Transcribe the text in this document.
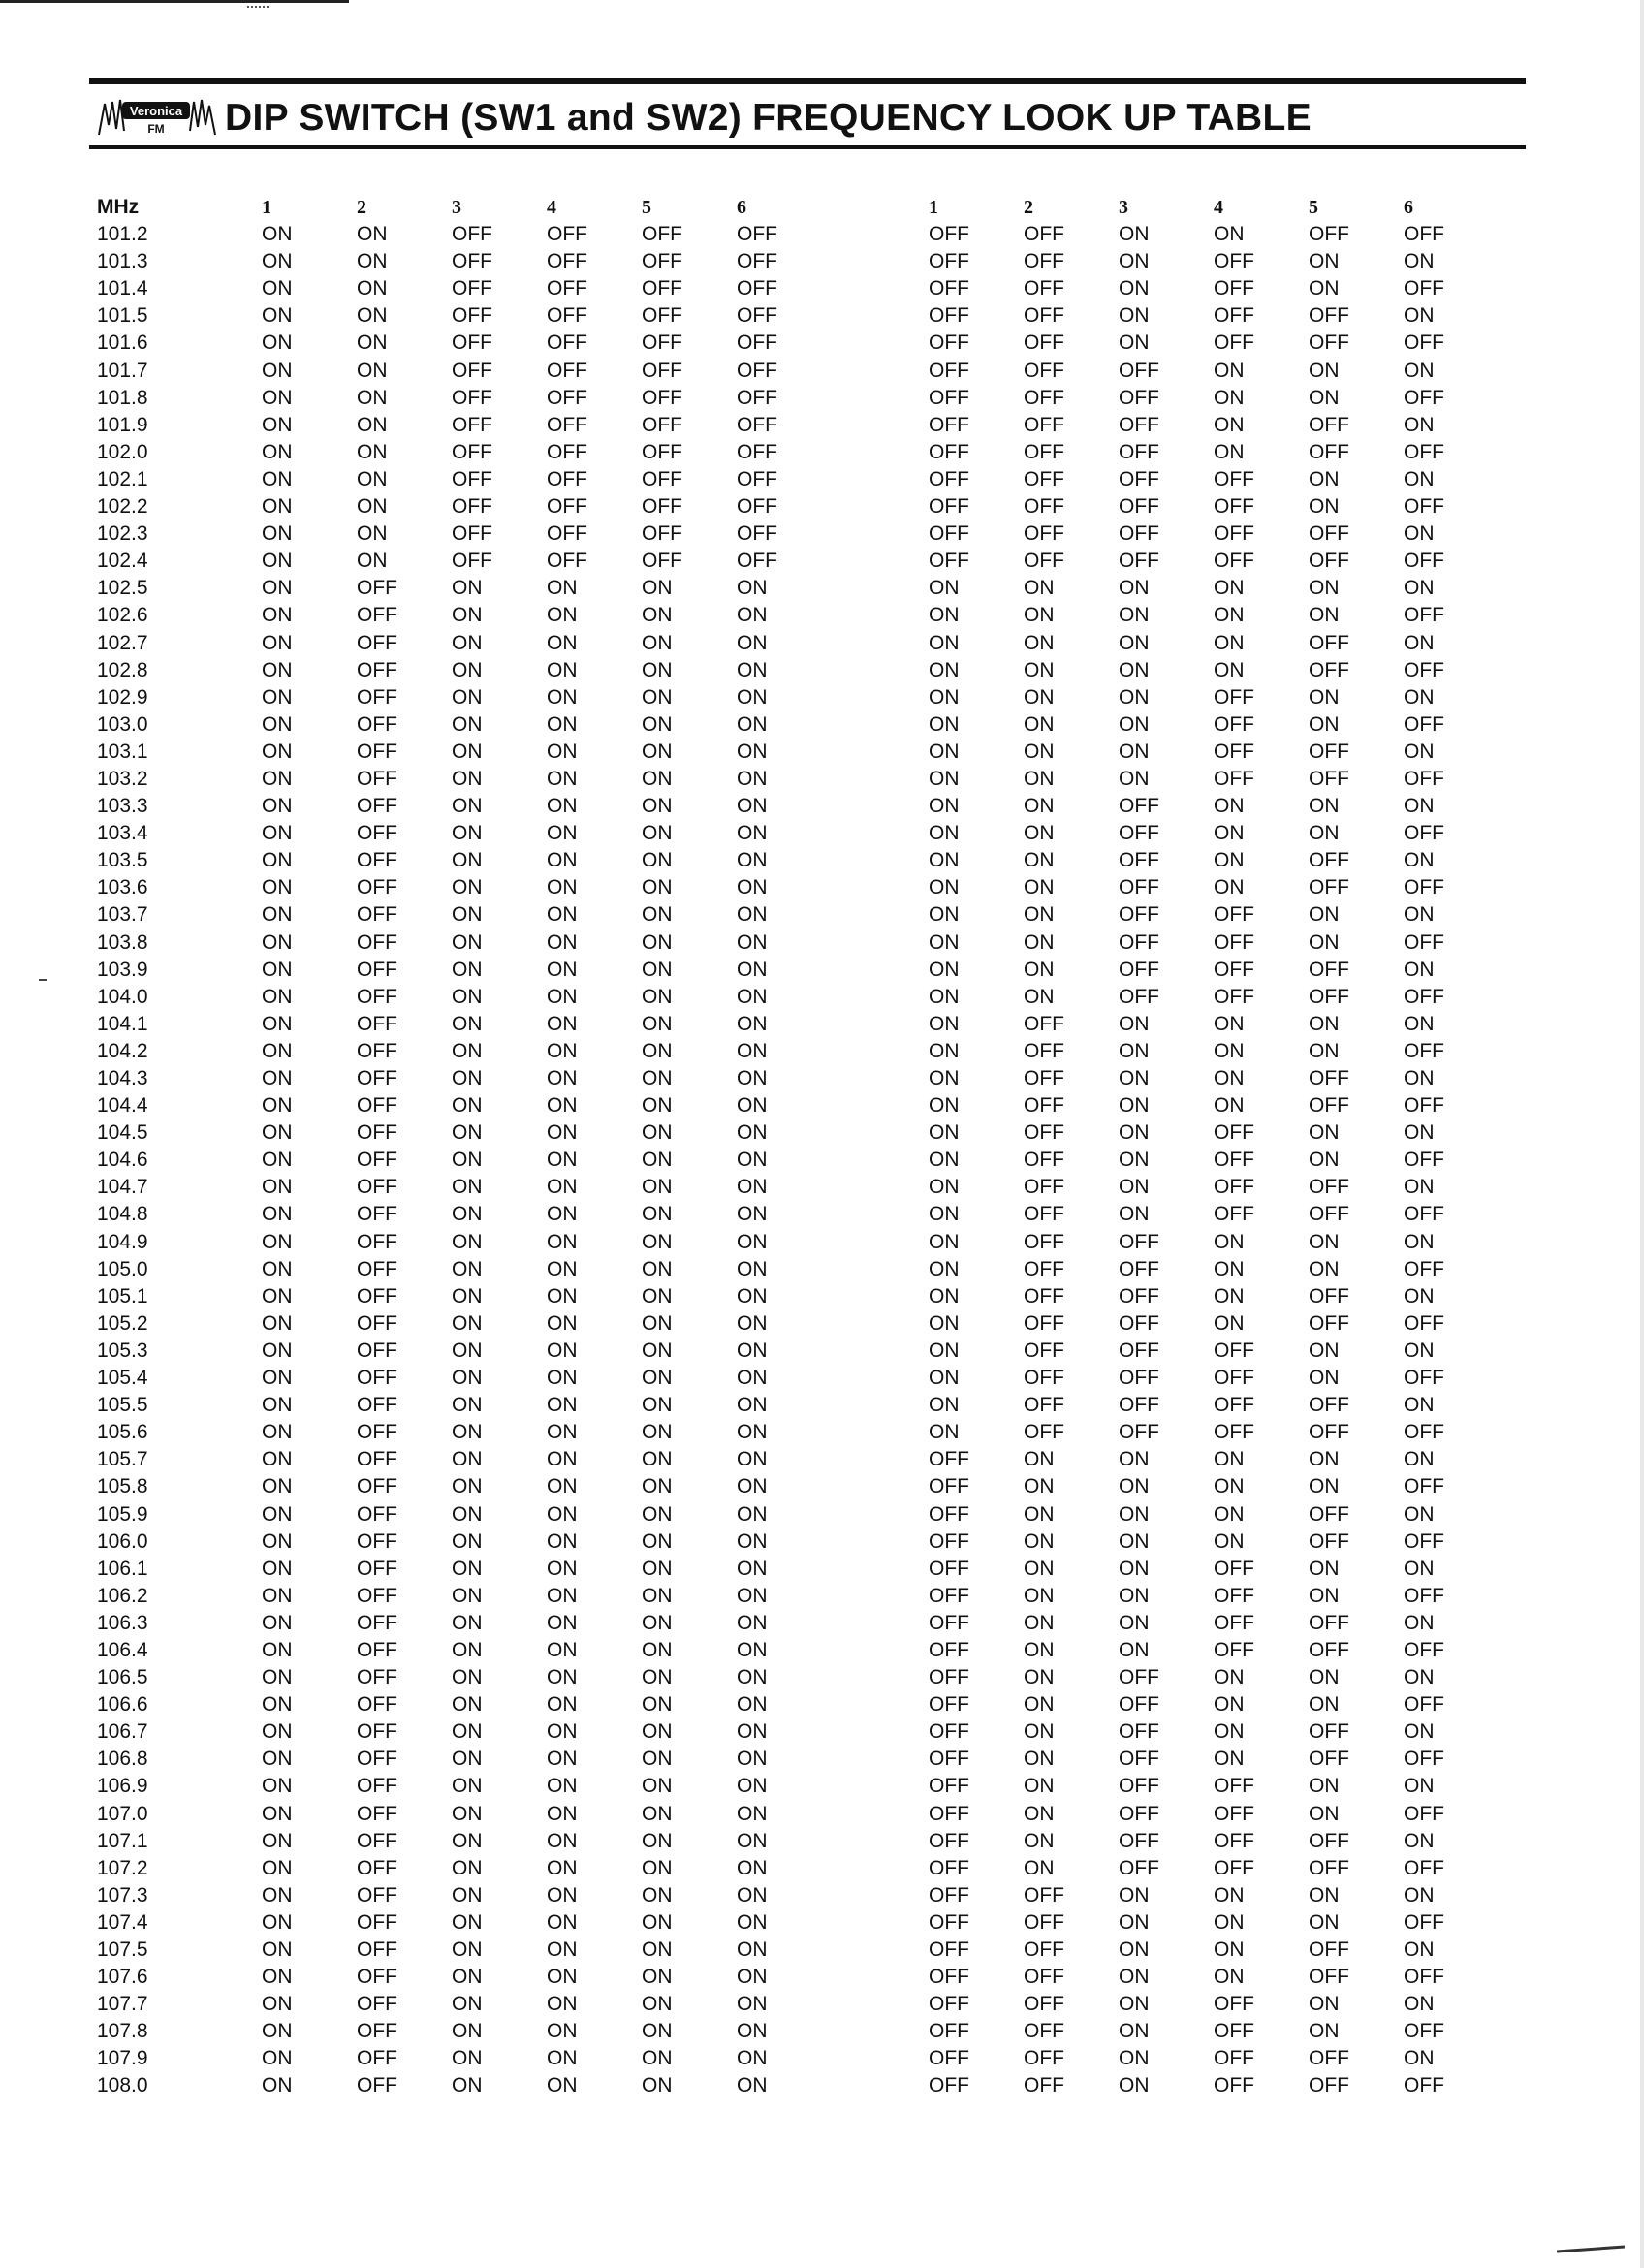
Veronica
FM DIP SWITCH (SW1 and SW2) FREQUENCY LOOK UP TABLE
MHz	1	2	3	4	5	6	1	2	3	4	5	6
101.2	ON	ON	OFF	OFF	OFF	OFF	OFF	OFF	ON	ON	OFF	OFF
101.3	ON	ON	OFF	OFF	OFF	OFF	OFF	OFF	ON	OFF	ON	ON
101.4	ON	ON	OFF	OFF	OFF	OFF	OFF	OFF	ON	OFF	ON	OFF
101.5	ON	ON	OFF	OFF	OFF	OFF	OFF	OFF	ON	OFF	OFF	ON
101.6	ON	ON	OFF	OFF	OFF	OFF	OFF	OFF	ON	OFF	OFF	OFF
101.7	ON	ON	OFF	OFF	OFF	OFF	OFF	OFF	OFF	ON	ON	ON
101.8	ON	ON	OFF	OFF	OFF	OFF	OFF	OFF	OFF	ON	ON	OFF
101.9	ON	ON	OFF	OFF	OFF	OFF	OFF	OFF	OFF	ON	OFF	ON
102.0	ON	ON	OFF	OFF	OFF	OFF	OFF	OFF	OFF	ON	OFF	OFF
102.1	ON	ON	OFF	OFF	OFF	OFF	OFF	OFF	OFF	OFF	ON	ON
102.2	ON	ON	OFF	OFF	OFF	OFF	OFF	OFF	OFF	OFF	ON	OFF
102.3	ON	ON	OFF	OFF	OFF	OFF	OFF	OFF	OFF	OFF	OFF	ON
102.4	ON	ON	OFF	OFF	OFF	OFF	OFF	OFF	OFF	OFF	OFF	OFF
102.5	ON	OFF	ON	ON	ON	ON	ON	ON	ON	ON	ON	ON
102.6	ON	OFF	ON	ON	ON	ON	ON	ON	ON	ON	ON	OFF
102.7	ON	OFF	ON	ON	ON	ON	ON	ON	ON	ON	OFF	ON
102.8	ON	OFF	ON	ON	ON	ON	ON	ON	ON	ON	OFF	OFF
102.9	ON	OFF	ON	ON	ON	ON	ON	ON	ON	OFF	ON	ON
103.0	ON	OFF	ON	ON	ON	ON	ON	ON	ON	OFF	ON	OFF
103.1	ON	OFF	ON	ON	ON	ON	ON	ON	ON	OFF	OFF	ON
103.2	ON	OFF	ON	ON	ON	ON	ON	ON	ON	OFF	OFF	OFF
103.3	ON	OFF	ON	ON	ON	ON	ON	ON	OFF	ON	ON	ON
103.4	ON	OFF	ON	ON	ON	ON	ON	ON	OFF	ON	ON	OFF
103.5	ON	OFF	ON	ON	ON	ON	ON	ON	OFF	ON	OFF	ON
103.6	ON	OFF	ON	ON	ON	ON	ON	ON	OFF	ON	OFF	OFF
103.7	ON	OFF	ON	ON	ON	ON	ON	ON	OFF	OFF	ON	ON
103.8	ON	OFF	ON	ON	ON	ON	ON	ON	OFF	OFF	ON	OFF
103.9	ON	OFF	ON	ON	ON	ON	ON	ON	OFF	OFF	OFF	ON
104.0	ON	OFF	ON	ON	ON	ON	ON	ON	OFF	OFF	OFF	OFF
104.1	ON	OFF	ON	ON	ON	ON	ON	OFF	ON	ON	ON	ON
104.2	ON	OFF	ON	ON	ON	ON	ON	OFF	ON	ON	ON	OFF
104.3	ON	OFF	ON	ON	ON	ON	ON	OFF	ON	ON	OFF	ON
104.4	ON	OFF	ON	ON	ON	ON	ON	OFF	ON	ON	OFF	OFF
104.5	ON	OFF	ON	ON	ON	ON	ON	OFF	ON	OFF	ON	ON
104.6	ON	OFF	ON	ON	ON	ON	ON	OFF	ON	OFF	ON	OFF
104.7	ON	OFF	ON	ON	ON	ON	ON	OFF	ON	OFF	OFF	ON
104.8	ON	OFF	ON	ON	ON	ON	ON	OFF	ON	OFF	OFF	OFF
104.9	ON	OFF	ON	ON	ON	ON	ON	OFF	OFF	ON	ON	ON
105.0	ON	OFF	ON	ON	ON	ON	ON	OFF	OFF	ON	ON	OFF
105.1	ON	OFF	ON	ON	ON	ON	ON	OFF	OFF	ON	OFF	ON
105.2	ON	OFF	ON	ON	ON	ON	ON	OFF	OFF	ON	OFF	OFF
105.3	ON	OFF	ON	ON	ON	ON	ON	OFF	OFF	OFF	ON	ON
105.4	ON	OFF	ON	ON	ON	ON	ON	OFF	OFF	OFF	ON	OFF
105.5	ON	OFF	ON	ON	ON	ON	ON	OFF	OFF	OFF	OFF	ON
105.6	ON	OFF	ON	ON	ON	ON	ON	OFF	OFF	OFF	OFF	OFF
105.7	ON	OFF	ON	ON	ON	ON	OFF	ON	ON	ON	ON	ON
105.8	ON	OFF	ON	ON	ON	ON	OFF	ON	ON	ON	ON	OFF
105.9	ON	OFF	ON	ON	ON	ON	OFF	ON	ON	ON	OFF	ON
106.0	ON	OFF	ON	ON	ON	ON	OFF	ON	ON	ON	OFF	OFF
106.1	ON	OFF	ON	ON	ON	ON	OFF	ON	ON	OFF	ON	ON
106.2	ON	OFF	ON	ON	ON	ON	OFF	ON	ON	OFF	ON	OFF
106.3	ON	OFF	ON	ON	ON	ON	OFF	ON	ON	OFF	OFF	ON
106.4	ON	OFF	ON	ON	ON	ON	OFF	ON	ON	OFF	OFF	OFF
106.5	ON	OFF	ON	ON	ON	ON	OFF	ON	OFF	ON	ON	ON
106.6	ON	OFF	ON	ON	ON	ON	OFF	ON	OFF	ON	ON	OFF
106.7	ON	OFF	ON	ON	ON	ON	OFF	ON	OFF	ON	OFF	ON
106.8	ON	OFF	ON	ON	ON	ON	OFF	ON	OFF	ON	OFF	OFF
106.9	ON	OFF	ON	ON	ON	ON	OFF	ON	OFF	OFF	ON	ON
107.0	ON	OFF	ON	ON	ON	ON	OFF	ON	OFF	OFF	ON	OFF
107.1	ON	OFF	ON	ON	ON	ON	OFF	ON	OFF	OFF	OFF	ON
107.2	ON	OFF	ON	ON	ON	ON	OFF	ON	OFF	OFF	OFF	OFF
107.3	ON	OFF	ON	ON	ON	ON	OFF	OFF	ON	ON	ON	ON
107.4	ON	OFF	ON	ON	ON	ON	OFF	OFF	ON	ON	ON	OFF
107.5	ON	OFF	ON	ON	ON	ON	OFF	OFF	ON	ON	OFF	ON
107.6	ON	OFF	ON	ON	ON	ON	OFF	OFF	ON	ON	OFF	OFF
107.7	ON	OFF	ON	ON	ON	ON	OFF	OFF	ON	OFF	ON	ON
107.8	ON	OFF	ON	ON	ON	ON	OFF	OFF	ON	OFF	ON	OFF
107.9	ON	OFF	ON	ON	ON	ON	OFF	OFF	ON	OFF	OFF	ON
108.0	ON	OFF	ON	ON	ON	ON	OFF	OFF	ON	OFF	OFF	OFF
